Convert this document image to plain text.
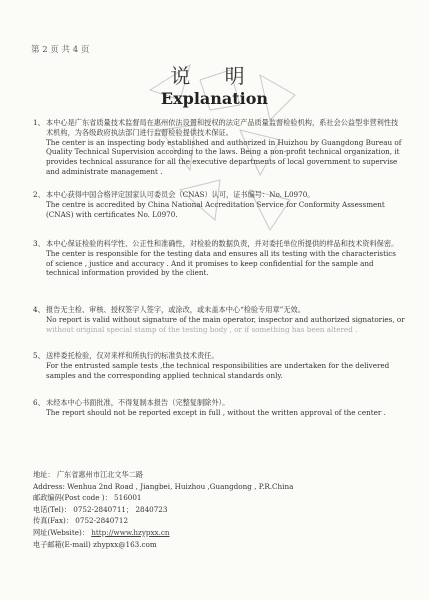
第 2 页 共 4 页
说 明
Explanation
1、 本中心是广东省质量技术监督局在惠州依法设置和授权的法定产品质量监督检验机构，系社会公益型非营利性技术机构，为各级政府执法部门进行监督检验提供技术保证。
The center is an inspecting body established and authorized in Huizhou by Guangdong Bureau of Quality Technical Supervision according to the laws. Being a non-profit technical organization, it provides technical assurance for all the executive departments of local government to supervise and administrate management .
2、 本中心获得中国合格评定国家认可委员会（CNAS）认可，证书编号：No. L0970。
The centre is accredited by China National Accreditation Service for Conformity Assessment (CNAS) with certificates No. L0970.
3、 本中心保证检验的科学性、公正性和准确性，对检验的数据负责，并对委托单位所提供的样品和技术资料保密。
The center is responsible for the testing data and ensures all its testing with the characteristics of science , justice and accuracy . And it promises to keep confidential for the sample and technical information provided by the client.
4、 报告无主检、审核、授权签字人签字，或涂改，或未盖本中心“检验专用章”无效。
No report is valid without signature of the main operator, inspector and authorized signatories, or
without original special stamp of the testing body , or if something has been altered .
5、 送样委托检验，仅对来样和所执行的标准负技术责任。
For the entrusted sample tests ,the technical responsibilities are undertaken for the delivered samples and the corresponding applied technical standards only.
6、 未经本中心书面批准，不得复制本报告（完整复制除外）。
The report should not be reported except in full , without the written approval of the center .
地址： 广东省惠州市江北文华二路
Address: Wenhua 2nd Road , Jiangbei, Huizhou ,Guangdong , P.R.China
邮政编码(Post code )： 516001
电话(Tel)： 0752-2840711； 2840723
传真(Fax)： 0752-2840712
网址(Website)： http://www.hzypxx.cn
电子邮箱(E-mail) zhypxx@163.com
